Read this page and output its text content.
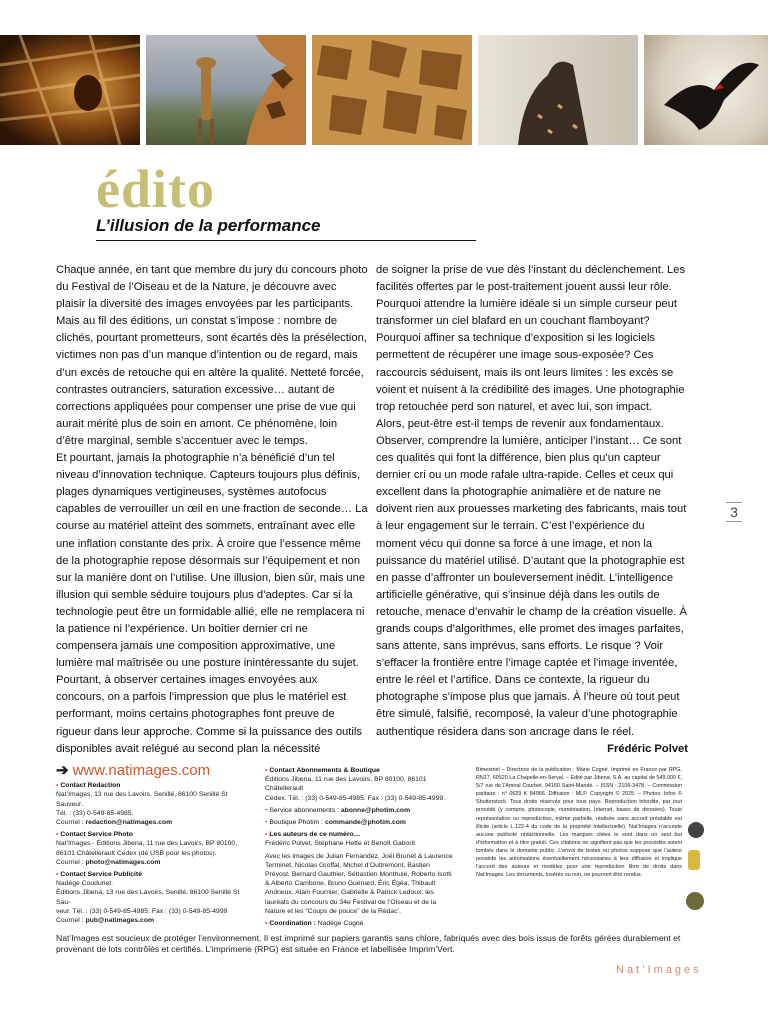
édito
L’illusion de la performance

Chaque année, en tant que membre du jury du concours photo du Festival de l’Oiseau et de la Nature, je découvre avec plaisir la diversité des images envoyées par les participants. Mais au fil des éditions, un constat s’impose : nombre de clichés, pourtant prometteurs, sont écartés dès la présélection, victimes non pas d’un manque d’intention ou de regard, mais d’un excès de retouche qui en altère la qualité. Netteté forcée, contrastes outranciers, saturation excessive… autant de corrections appliquées pour compenser une prise de vue qui aurait mérité plus de soin en amont. Ce phénomène, loin d’être marginal, semble s’accentuer avec le temps.

Et pourtant, jamais la photographie n’a bénéficié d’un tel niveau d’innovation technique. Capteurs toujours plus définis, plages dynamiques vertigineuses, systèmes autofocus capables de verrouiller un œil en une fraction de seconde… La course au matériel atteint des sommets, entraînant avec elle une inflation constante des prix. À croire que l’essence même de la photographie repose désormais sur l’équipement et non sur la manière dont on l’utilise. Une illusion, bien sûr, mais une illusion qui semble séduire toujours plus d’adeptes. Car si la technologie peut être un formidable allié, elle ne remplacera ni la patience ni l’expérience. Un boîtier dernier cri ne compensera jamais une composition approximative, une lumière mal maîtrisée ou une posture inintéressante du sujet. Pourtant, à observer certaines images envoyées aux concours, on a parfois l’impression que plus le matériel est performant, moins certains photographes font preuve de rigueur dans leur approche. Comme si la puissance des outils disponibles avait relégué au second plan la nécessité

de soigner la prise de vue dès l’instant du déclenchement. Les facilités offertes par le post-traitement jouent aussi leur rôle. Pourquoi attendre la lumière idéale si un simple curseur peut transformer un ciel blafard en un couchant flamboyant? Pourquoi affiner sa technique d’exposition si les logiciels permettent de récupérer une image sous-exposée? Ces raccourcis séduisent, mais ils ont leurs limites : les excès se voient et nuisent à la crédibilité des images. Une photographie trop retouchée perd son naturel, et avec lui, son impact.

Alors, peut-être est-il temps de revenir aux fondamentaux. Observer, comprendre la lumière, anticiper l’instant… Ce sont ces qualités qui font la différence, bien plus qu’un capteur dernier cri ou un mode rafale ultra-rapide. Celles et ceux qui excellent dans la photographie animalière et de nature ne doivent rien aux prouesses marketing des fabricants, mais tout à leur engagement sur le terrain. C’est l’expérience du moment vécu qui donne sa force à une image, et non la puissance du matériel utilisé. D’autant que la photographie est en passe d’affronter un bouleversement inédit. L’intelligence artificielle générative, qui s’insinue déjà dans les outils de retouche, menace d’envahir le champ de la création visuelle. À grands coups d’algorithmes, elle promet des images parfaites, sans attente, sans imprévus, sans efforts. Le risque ? Voir s’effacer la frontière entre l’image captée et l’image inventée, entre le réel et l’artifice. Dans ce contexte, la rigueur du photographe s’impose plus que jamais. À l’heure où tout peut être simulé, falsifié, recomposé, la valeur d’une photographie authentique résidera dans son ancrage dans le réel.

Frédéric Polvet

3
➔ www.natimages.com
• Contact Rédaction
Nat’Images, 13 rue des Lavoirs, Senillé, 86100 Senillé St Sauveur.
Tél. : (33) 0-549-85-4985.
Courriel : redaction@natimages.com
• Contact Service Photo
Nat’Images - Éditions Jibena, 11 rue des Lavoirs, BP 80100,
86101 Châtellerault Cedex (dé USB pour les photos).
Courriel : photo@natimages.com
• Contact Service Publicité
Nadège Couduriet.
Éditions Jibena, 13 rue des Lavoirs, Senillé, 86100 Senillé St Sau-
veur. Tél. : (33) 0-549-85-4985. Fax : (33) 0-549-85-4999
Courriel : pub@natimages.com
• Contact Abonnements & Boutique
Éditions Jibena, 11 rue des Lavoirs, BP 80100, 86101 Châtellerault
Cedex. Tél. : (33) 0-549-85-4985. Fax : (33) 0-549-85-4999.
• Service abonnements : abonne@photim.com
• Boutique Photim : commande@photim.com
• Les auteurs de ce numéro…
Frédéric Polvet, Stéphane Hette et Benoît Gaborit
Avec les images de Julian Fernandez, Joël Brunet & Laurence Terminet, Nicolas Groffal, Michel d’Oultremont, Bastien Prévost, Bernard Gauthier, Sébastien Monthulé, Roberto Isotti & Alberto Cambone, Bruno Guénard, Éric Égéa, Thibault Andrieux, Alain Fournier, Gabrielle & Patrick Ledoux, les lauréats du concours du 34e Festival de l’Oiseau et de la Nature et les “Coups de pouce” de la Rédac’.
• Coordination : Nadège Cogné
Bimestriel – Directrice de la publication : Marie Cogné. Imprimé en France par RPG, RN17, 60520 La Chapelle-en-Serval. – Édité par Jibena, S.A. au capital de 549.000 €, 5/7 rue de l’Amiral Courbet, 94160 Saint-Mandé. – ISSN : 2106-3478. – Commission paritaire : n° 0629 K 84966. Diffusion : MLP. Copyright © 2025. – Photos: Infos © Shutterstock. Tous droits réservés pour tous pays. Reproduction interdite, par tout procédé (y compris, photocopie, numérisation, Internet, bases de données). Toute représentation ou reproduction, même partielle, réalisée sans accord préalable est illicite (article L.122-4 du code de la propriété intellectuelle). Nat’Images n’accepte aucune publicité rédactionnelle. Les marques citées le sont dans un seul but d’information et à titre gratuit. Ces citations ne signifient pas que les procédés soient tombés dans le domaine public. L’envoi de textes ou photos suppose que l’auteur possède les autorisations éventuellement nécessaires à leur diffusion et implique l’accord des auteurs et modèles pour une reproduction libre de droits dans Nat’Images. Les documents, insérés ou non, ne pourront être rendus.
Nat’Images est soucieux de protéger l’environnement. Il est imprimé sur papiers garantis sans chlore, fabriqués avec des bois issus de forêts gérées durablement et provenant de lots contrôlés et certifiés. L’imprimerie (RPG) est située en France et labellisée Imprim’Vert.
Nat’Images
